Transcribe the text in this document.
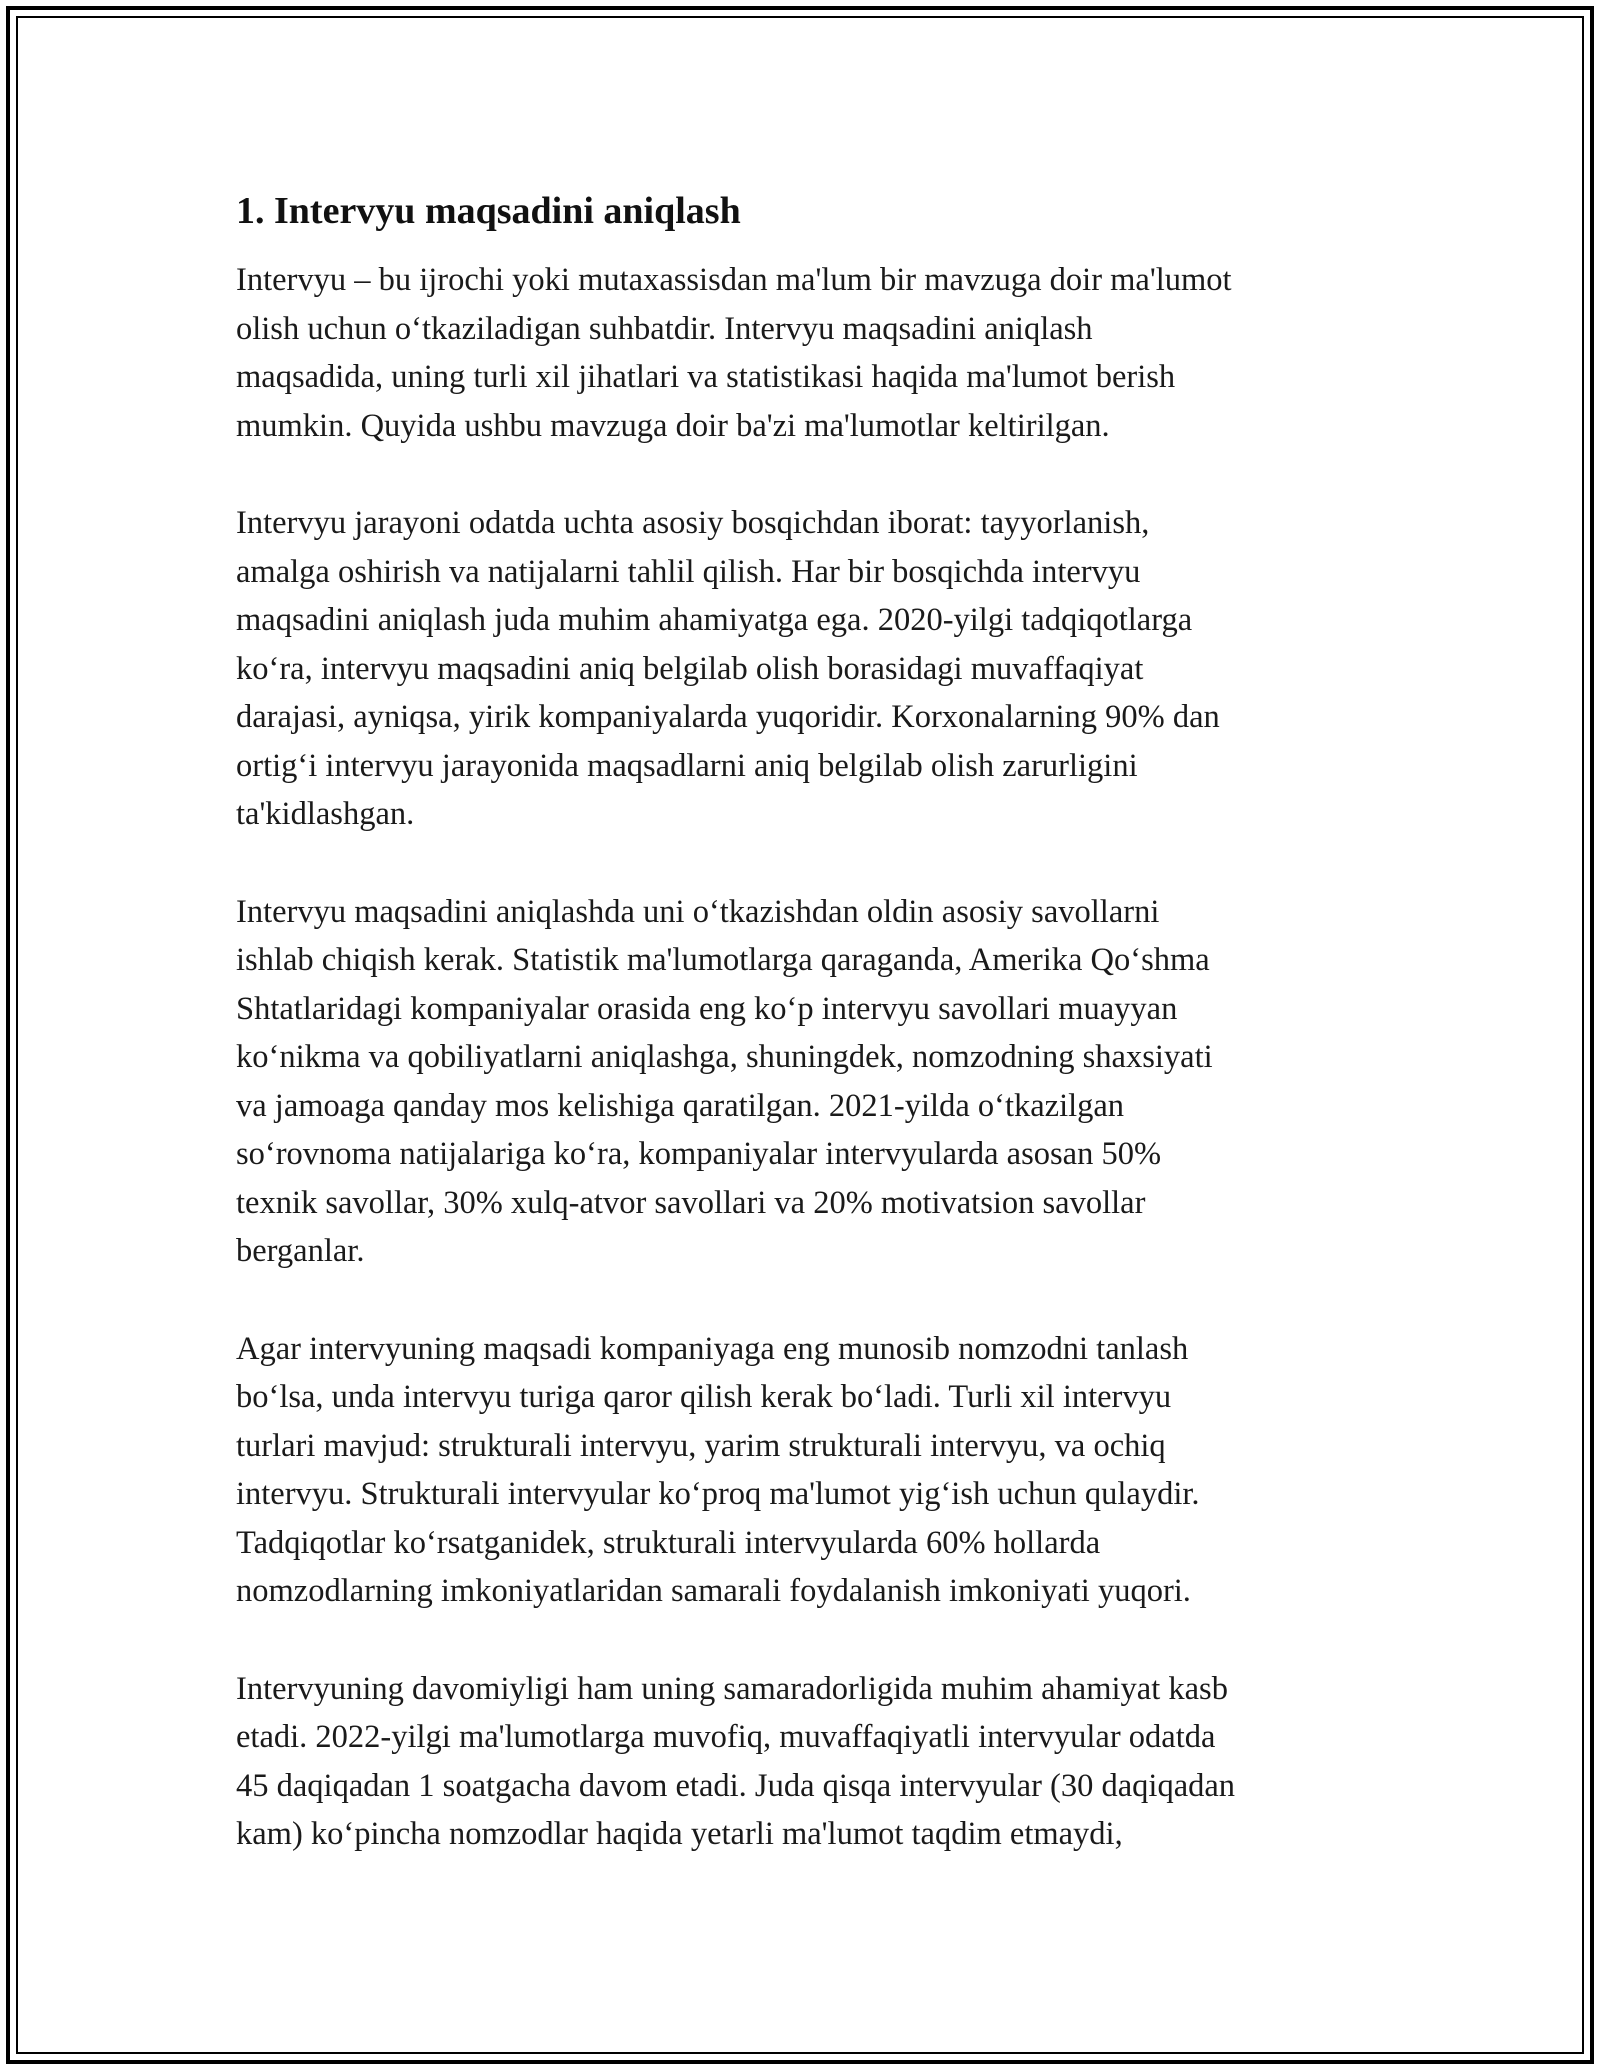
1. Intervyu maqsadini aniqlash

Intervyu – bu ijrochi yoki mutaxassisdan ma'lum bir mavzuga doir ma'lumot
olish uchun o‘tkaziladigan suhbatdir. Intervyu maqsadini aniqlash
maqsadida, uning turli xil jihatlari va statistikasi haqida ma'lumot berish
mumkin. Quyida ushbu mavzuga doir ba'zi ma'lumotlar keltirilgan.

Intervyu jarayoni odatda uchta asosiy bosqichdan iborat: tayyorlanish,
amalga oshirish va natijalarni tahlil qilish. Har bir bosqichda intervyu
maqsadini aniqlash juda muhim ahamiyatga ega. 2020-yilgi tadqiqotlarga
ko‘ra, intervyu maqsadini aniq belgilab olish borasidagi muvaffaqiyat
darajasi, ayniqsa, yirik kompaniyalarda yuqoridir. Korxonalarning 90% dan
ortig‘i intervyu jarayonida maqsadlarni aniq belgilab olish zarurligini
ta'kidlashgan.

Intervyu maqsadini aniqlashda uni o‘tkazishdan oldin asosiy savollarni
ishlab chiqish kerak. Statistik ma'lumotlarga qaraganda, Amerika Qo‘shma
Shtatlaridagi kompaniyalar orasida eng ko‘p intervyu savollari muayyan
ko‘nikma va qobiliyatlarni aniqlashga, shuningdek, nomzodning shaxsiyati
va jamoaga qanday mos kelishiga qaratilgan. 2021-yilda o‘tkazilgan
so‘rovnoma natijalariga ko‘ra, kompaniyalar intervyularda asosan 50%
texnik savollar, 30% xulq-atvor savollari va 20% motivatsion savollar
berganlar.

Agar intervyuning maqsadi kompaniyaga eng munosib nomzodni tanlash
bo‘lsa, unda intervyu turiga qaror qilish kerak bo‘ladi. Turli xil intervyu
turlari mavjud: strukturali intervyu, yarim strukturali intervyu, va ochiq
intervyu. Strukturali intervyular ko‘proq ma'lumot yig‘ish uchun qulaydir.
Tadqiqotlar ko‘rsatganidek, strukturali intervyularda 60% hollarda
nomzodlarning imkoniyatlaridan samarali foydalanish imkoniyati yuqori.

Intervyuning davomiyligi ham uning samaradorligida muhim ahamiyat kasb
etadi. 2022-yilgi ma'lumotlarga muvofiq, muvaffaqiyatli intervyular odatda
45 daqiqadan 1 soatgacha davom etadi. Juda qisqa intervyular (30 daqiqadan
kam) ko‘pincha nomzodlar haqida yetarli ma'lumot taqdim etmaydi,
